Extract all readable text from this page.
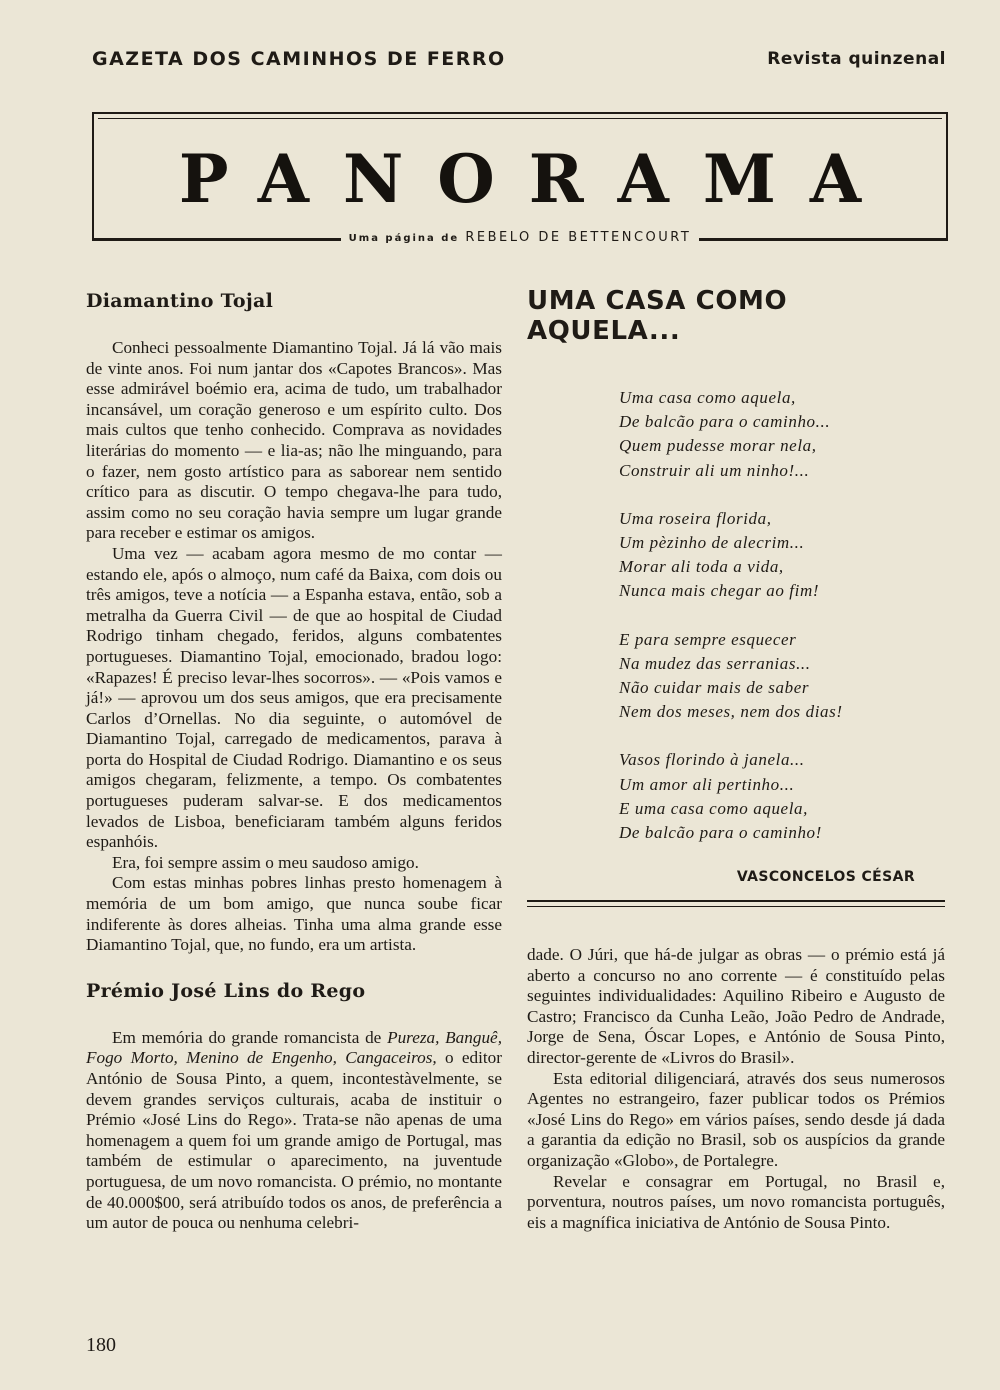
GAZETA DOS CAMINHOS DE FERRO	Revista quinzenal
PANORAMA
Uma página de REBELO DE BETTENCOURT
Diamantino Tojal

Conheci pessoalmente Diamantino Tojal. Já lá vão mais de vinte anos. Foi num jantar dos «Capotes Brancos». Mas esse admirável boémio era, acima de tudo, um trabalhador incansável, um coração generoso e um espírito culto. Dos mais cultos que tenho conhecido. Comprava as novidades literárias do momento — e lia-as; não lhe minguando, para o fazer, nem gosto artístico para as saborear nem sentido crítico para as discutir. O tempo chegava-lhe para tudo, assim como no seu coração havia sempre um lugar grande para receber e estimar os amigos.

Uma vez — acabam agora mesmo de mo contar — estando ele, após o almoço, num café da Baixa, com dois ou três amigos, teve a notícia — a Espanha estava, então, sob a metralha da Guerra Civil — de que ao hospital de Ciudad Rodrigo tinham chegado, feridos, alguns combatentes portugueses. Diamantino Tojal, emocionado, bradou logo: «Rapazes! É preciso levar-lhes socorros». — «Pois vamos e já!» — aprovou um dos seus amigos, que era precisamente Carlos d’Ornellas. No dia seguinte, o automóvel de Diamantino Tojal, carregado de medicamentos, parava à porta do Hospital de Ciudad Rodrigo. Diamantino e os seus amigos chegaram, felizmente, a tempo. Os combatentes portugueses puderam salvar-se. E dos medicamentos levados de Lisboa, beneficiaram também alguns feridos espanhóis.

Era, foi sempre assim o meu saudoso amigo.

Com estas minhas pobres linhas presto homenagem à memória de um bom amigo, que nunca soube ficar indiferente às dores alheias. Tinha uma alma grande esse Diamantino Tojal, que, no fundo, era um artista.

Prémio José Lins do Rego

Em memória do grande romancista de Pureza, Banguê, Fogo Morto, Menino de Engenho, Cangaceiros, o editor António de Sousa Pinto, a quem, incontestàvelmente, se devem grandes serviços culturais, acaba de instituir o Prémio «José Lins do Rego». Trata-se não apenas de uma homenagem a quem foi um grande amigo de Portugal, mas também de estimular o aparecimento, na juventude portuguesa, de um novo romancista. O prémio, no montante de 40.000$00, será atribuído todos os anos, de preferência a um autor de pouca ou nenhuma celebri-

UMA CASA COMO AQUELA...
Uma casa como aquela,
De balcão para o caminho...
Quem pudesse morar nela,
Construir ali um ninho!...
Uma roseira florida,
Um pèzinho de alecrim...
Morar ali toda a vida,
Nunca mais chegar ao fim!
E para sempre esquecer
Na mudez das serranias...
Não cuidar mais de saber
Nem dos meses, nem dos dias!
Vasos florindo à janela...
Um amor ali pertinho...
E uma casa como aquela,
De balcão para o caminho!
VASCONCELOS CÉSAR

dade. O Júri, que há-de julgar as obras — o prémio está já aberto a concurso no ano corrente — é constituído pelas seguintes individualidades: Aquilino Ribeiro e Augusto de Castro; Francisco da Cunha Leão, João Pedro de Andrade, Jorge de Sena, Óscar Lopes, e António de Sousa Pinto, director-gerente de «Livros do Brasil».

Esta editorial diligenciará, através dos seus numerosos Agentes no estrangeiro, fazer publicar todos os Prémios «José Lins do Rego» em vários países, sendo desde já dada a garantia da edição no Brasil, sob os auspícios da grande organização «Globo», de Portalegre.

Revelar e consagrar em Portugal, no Brasil e, porventura, noutros países, um novo romancista português, eis a magnífica iniciativa de António de Sousa Pinto.

180
